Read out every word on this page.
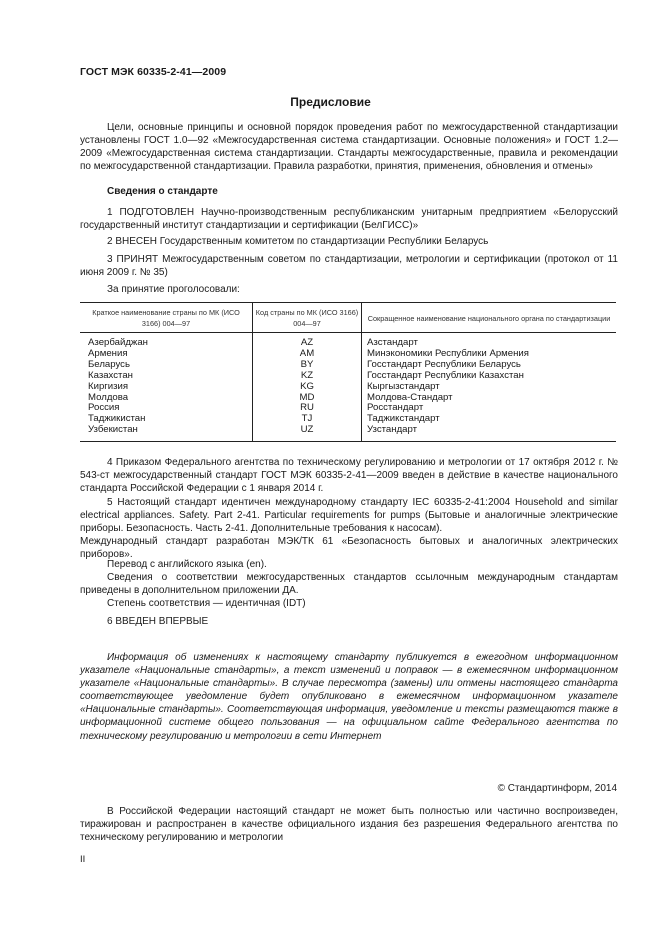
ГОСТ МЭК 60335-2-41—2009
Предисловие

Цели, основные принципы и основной порядок проведения работ по межгосударственной стандартизации установлены ГОСТ 1.0—92 «Межгосударственная система стандартизации. Основные положения» и ГОСТ 1.2—2009 «Межгосударственная система стандартизации. Стандарты межгосударственные, правила и рекомендации по межгосударственной стандартизации. Правила разработки, принятия, применения, обновления и отмены»

Сведения о стандарте

1 ПОДГОТОВЛЕН Научно-производственным республиканским унитарным предприятием «Белорусский государственный институт стандартизации и сертификации (БелГИСС)»

2 ВНЕСЕН Государственным комитетом по стандартизации Республики Беларусь

3 ПРИНЯТ Межгосударственным советом по стандартизации, метрологии и сертификации (протокол от 11 июня 2009 г. № 35)

За принятие проголосовали:

Краткое наименование страны по МК (ИСО 3166) 004—97	Код страны по МК (ИСО 3166) 004—97	Сокращенное наименование национального органа по стандартизации
Азербайджан	AZ	Азстандарт
Армения	AM	Минэкономики Республики Армения
Беларусь	BY	Госстандарт Республики Беларусь
Казахстан	KZ	Госстандарт Республики Казахстан
Киргизия	KG	Кыргызстандарт
Молдова	MD	Молдова-Стандарт
Россия	RU	Росстандарт
Таджикистан	TJ	Таджикстандарт
Узбекистан	UZ	Узстандарт

4 Приказом Федерального агентства по техническому регулированию и метрологии от 17 октября 2012 г. № 543-ст межгосударственный стандарт ГОСТ МЭК 60335-2-41—2009 введен в действие в качестве национального стандарта Российской Федерации с 1 января 2014 г.

5 Настоящий стандарт идентичен международному стандарту IEC 60335-2-41:2004 Household and similar electrical appliances. Safety. Part 2-41. Particular requirements for pumps (Бытовые и аналогичные электрические приборы. Безопасность. Часть 2-41. Дополнительные требования к насосам).

Международный стандарт разработан МЭК/ТК 61 «Безопасность бытовых и аналогичных электрических приборов».

Перевод с английского языка (en).

Сведения о соответствии межгосударственных стандартов ссылочным международным стандартам приведены в дополнительном приложении ДА.

Степень соответствия — идентичная (IDT)

6 ВВЕДЕН ВПЕРВЫЕ

Информация об изменениях к настоящему стандарту публикуется в ежегодном информационном указателе «Национальные стандарты», а текст изменений и поправок — в ежемесячном информационном указателе «Национальные стандарты». В случае пересмотра (замены) или отмены настоящего стандарта соответствующее уведомление будет опубликовано в ежемесячном информационном указателе «Национальные стандарты». Соответствующая информация, уведомление и тексты размещаются также в информационной системе общего пользования — на официальном сайте Федерального агентства по техническому регулированию и метрологии в сети Интернет

© Стандартинформ, 2014

В Российской Федерации настоящий стандарт не может быть полностью или частично воспроизведен, тиражирован и распространен в качестве официального издания без разрешения Федерального агентства по техническому регулированию и метрологии

II
